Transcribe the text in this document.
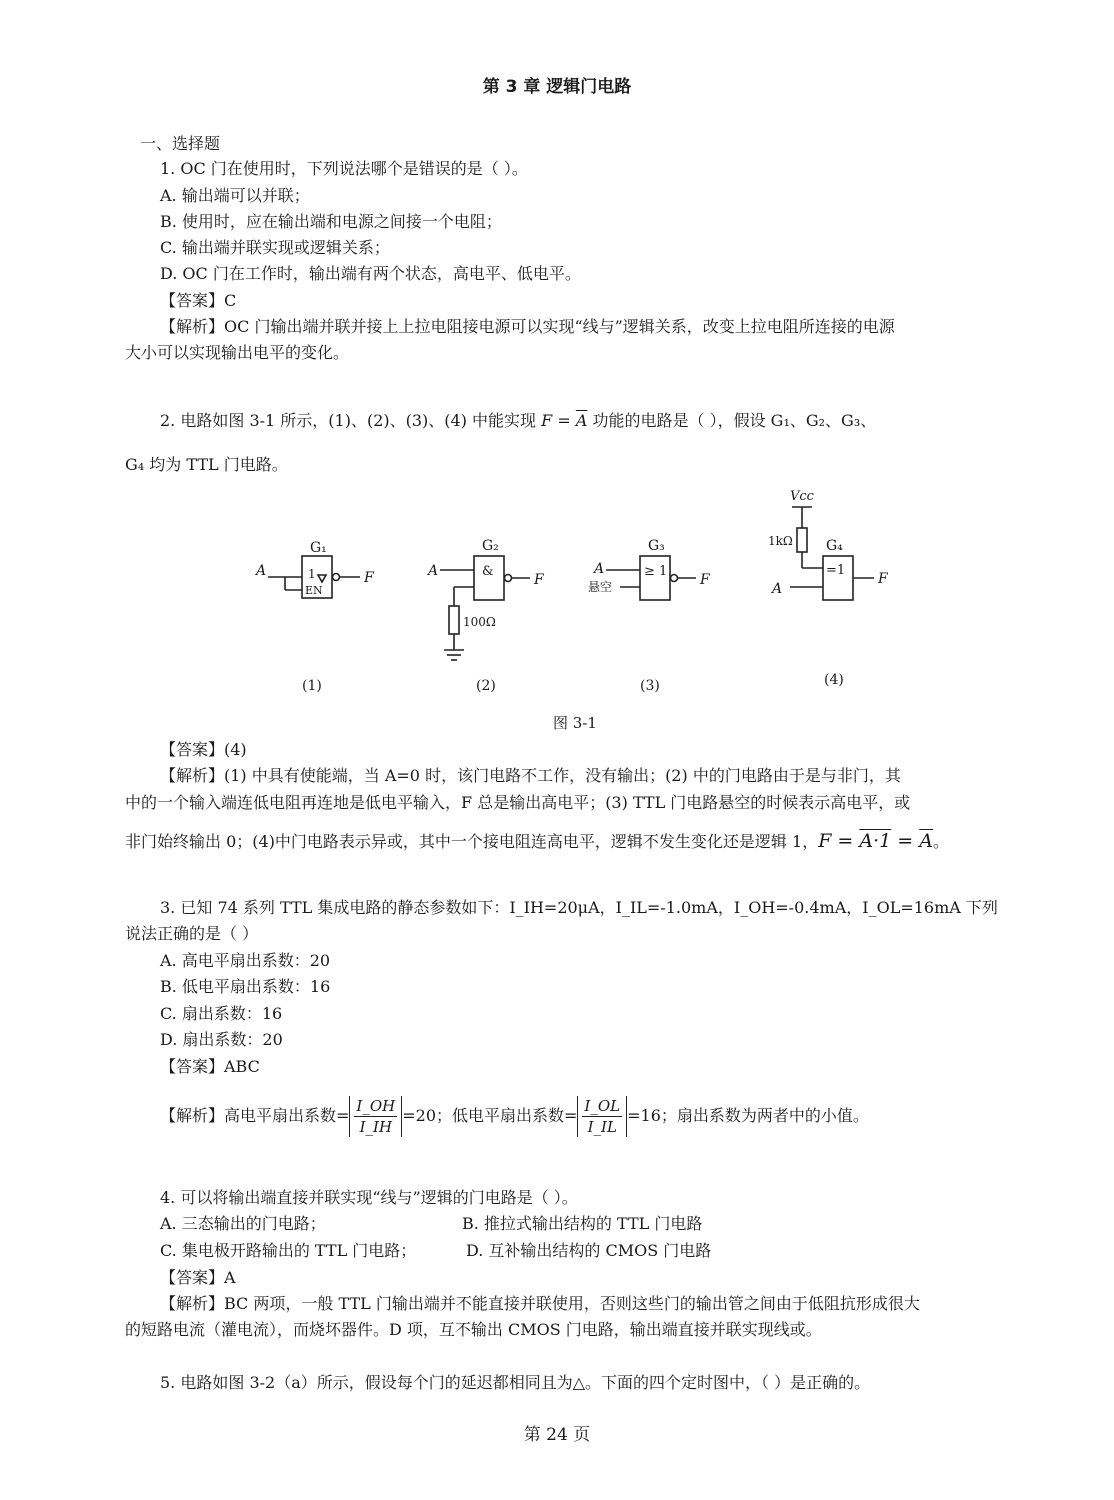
第 3 章 逻辑门电路
一、选择题
1. OC 门在使用时，下列说法哪个是错误的是（ ）。
A. 输出端可以并联；
B. 使用时，应在输出端和电源之间接一个电阻；
C. 输出端并联实现或逻辑关系；
D. OC 门在工作时，输出端有两个状态，高电平、低电平。
【答案】C
【解析】OC 门输出端并联并接上上拉电阻接电源可以实现“线与”逻辑关系，改变上拉电阻所连接的电源
大小可以实现输出电平的变化。
2. 电路如图 3-1 所示，(1)、(2)、(3)、(4) 中能实现 $F = \overline{A}$ 功能的电路是（ ），假设 G₁、G₂、G₃、
G₄ 均为 TTL 门电路。
G₁
A	F
1
EN
(1)
G₂
A
F
&
100Ω
(2)
G₃
A
悬空	F
≥ 1
(3)
Vcc
1kΩ G₄
A
F
=1
(4)
图 3-1
【答案】(4)
【解析】(1) 中具有使能端，当 A=0 时，该门电路不工作，没有输出；(2) 中的门电路由于是与非门，其
中的一个输入端连低电阻再连地是低电平输入，F 总是输出高电平；(3) TTL 门电路悬空的时候表示高电平，或
非门始终输出 0；(4)中门电路表示异或，其中一个接电阻连高电平，逻辑不发生变化还是逻辑 1，$F = A\cdot 1 = \overline{A}$。
3. 已知 74 系列 TTL 集成电路的静态参数如下：I_IH=20μA，I_IL=-1.0mA，I_OH=-0.4mA，I_OL=16mA 下列
说法正确的是（ ）
A. 高电平扇出系数：20
B. 低电平扇出系数：16
C. 扇出系数：16
D. 扇出系数：20
【答案】ABC
【解析】高电平扇出系数= $\frac{I\_OH}{I\_IH} =20$；低电平扇出系数= $\frac{I\_OL}{I\_IL} =16$；扇出系数为两者中的小值。
4. 可以将输出端直接并联实现“线与”逻辑的门电路是（ ）。
A. 三态输出的门电路；	B. 推拉式输出结构的 TTL 门电路
C. 集电极开路输出的 TTL 门电路；	D. 互补输出结构的 CMOS 门电路
【答案】A
【解析】BC 两项，一般 TTL 门输出端并不能直接并联使用，否则这些门的输出管之间由于低阻抗形成很大
的短路电流（灌电流），而烧坏器件。D 项，互不输出 CMOS 门电路，输出端直接并联实现线或。
5. 电路如图 3-2（a）所示，假设每个门的延迟都相同且为△。下面的四个定时图中，（ ）是正确的。
第 24 页
